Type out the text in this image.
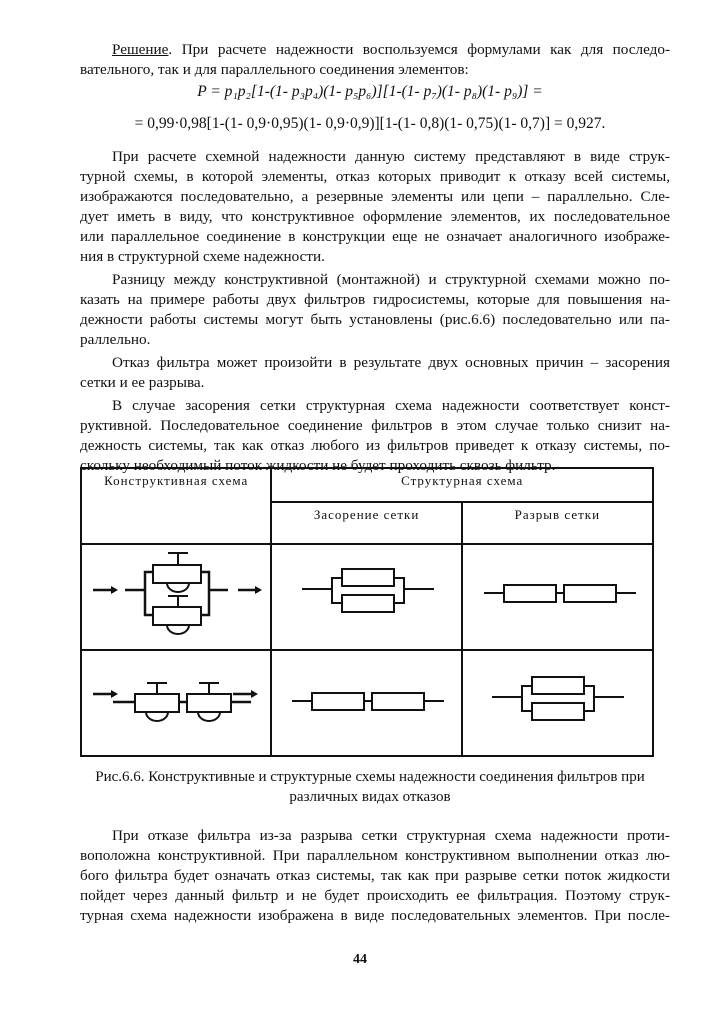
Решение. При расчете надежности воспользуемся формулами как для последо-
вательного, так и для параллельного соединения элементов:
P = p₁p₂[1-(1- p₃p₄)(1- p₅p₆)][1-(1- p₇)(1- p₈)(1- p₉)] =
= 0,99·0,98[1-(1- 0,9·0,95)(1- 0,9·0,9)][1-(1- 0,8)(1- 0,75)(1- 0,7)] = 0,927.
При расчете схемной надежности данную систему представляют в виде струк-
турной схемы, в которой элементы, отказ которых приводит к отказу всей системы,
изображаются последовательно, а резервные элементы или цепи – параллельно. Сле-
дует иметь в виду, что конструктивное оформление элементов, их последовательное
или параллельное соединение в конструкции еще не означает аналогичного изображе-
ния в структурной схеме надежности.
Разницу между конструктивной (монтажной) и структурной схемами можно по-
казать на примере работы двух фильтров гидросистемы, которые для повышения на-
дежности работы системы могут быть установлены (рис.6.6) последовательно или па-
раллельно.
Отказ фильтра может произойти в результате двух основных причин – засорения
сетки и ее разрыва.
В случае засорения сетки структурная схема надежности соответствует конст-
руктивной. Последовательное соединение фильтров в этом случае только снизит на-
дежность системы, так как отказ любого из фильтров приведет к отказу системы, по-
скольку необходимый поток жидкости не будет проходить сквозь фильтр.
Конструктивная схема	Структурная схема	
	Засорение сетки	Разрыв сетки

Рис.6.6. Конструктивные и структурные схемы надежности соединения фильтров при
различных видах отказов
При отказе фильтра из-за разрыва сетки структурная схема надежности проти-
воположна конструктивной. При параллельном конструктивном выполнении отказ лю-
бого фильтра будет означать отказ системы, так как при разрыве сетки поток жидкости
пойдет через данный фильтр и не будет происходить ее фильтрация. Поэтому струк-
турная схема надежности изображена в виде последовательных элементов. При после-
44
